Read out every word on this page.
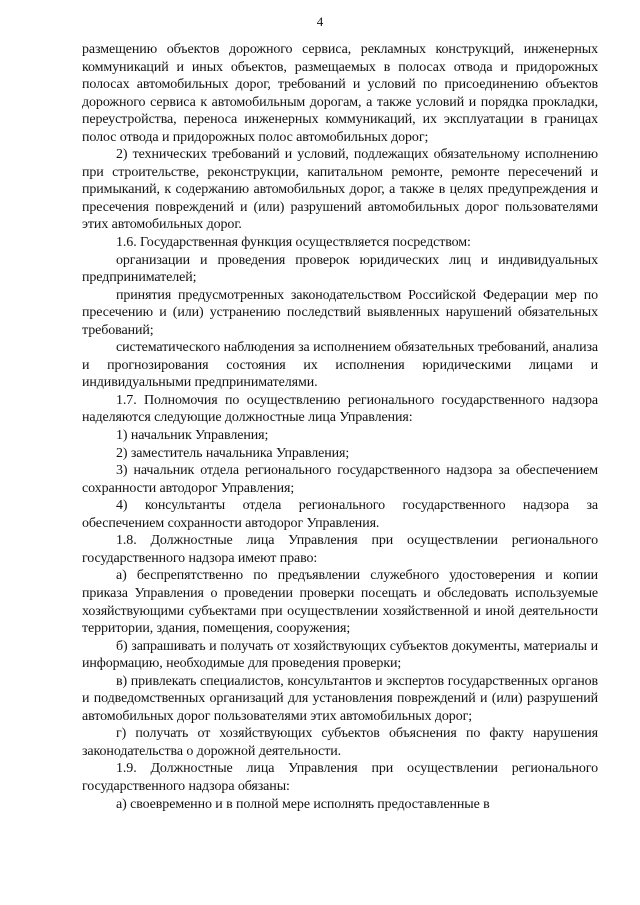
4

размещению объектов дорожного сервиса, рекламных конструкций, инженерных коммуникаций и иных объектов, размещаемых в полосах отвода и придорожных полосах автомобильных дорог, требований и условий по присоединению объектов дорожного сервиса к автомобильным дорогам, а также условий и порядка прокладки, переустройства, переноса инженерных коммуникаций, их эксплуатации в границах полос отвода и придорожных полос автомобильных дорог;

2) технических требований и условий, подлежащих обязательному исполнению при строительстве, реконструкции, капитальном ремонте, ремонте пересечений и примыканий, к содержанию автомобильных дорог, а также в целях предупреждения и пресечения повреждений и (или) разрушений автомобильных дорог пользователями этих автомобильных дорог.

1.6. Государственная функция осуществляется посредством:

организации и проведения проверок юридических лиц и индивидуальных предпринимателей;

принятия предусмотренных законодательством Российской Федерации мер по пресечению и (или) устранению последствий выявленных нарушений обязательных требований;

систематического наблюдения за исполнением обязательных требований, анализа и прогнозирования состояния их исполнения юридическими лицами и индивидуальными предпринимателями.

1.7. Полномочия по осуществлению регионального государственного надзора наделяются следующие должностные лица Управления:

1) начальник Управления;

2) заместитель начальника Управления;

3) начальник отдела регионального государственного надзора за обеспечением сохранности автодорог Управления;

4) консультанты отдела регионального государственного надзора за обеспечением сохранности автодорог Управления.

1.8. Должностные лица Управления при осуществлении регионального государственного надзора имеют право:

а) беспрепятственно по предъявлении служебного удостоверения и копии приказа Управления о проведении проверки посещать и обследовать используемые хозяйствующими субъектами при осуществлении хозяйственной и иной деятельности территории, здания, помещения, сооружения;

б) запрашивать и получать от хозяйствующих субъектов документы, материалы и информацию, необходимые для проведения проверки;

в) привлекать специалистов, консультантов и экспертов государственных органов и подведомственных организаций для установления повреждений и (или) разрушений автомобильных дорог пользователями этих автомобильных дорог;

г) получать от хозяйствующих субъектов объяснения по факту нарушения законодательства о дорожной деятельности.

1.9. Должностные лица Управления при осуществлении регионального государственного надзора обязаны:

а) своевременно и в полной мере исполнять предоставленные в
